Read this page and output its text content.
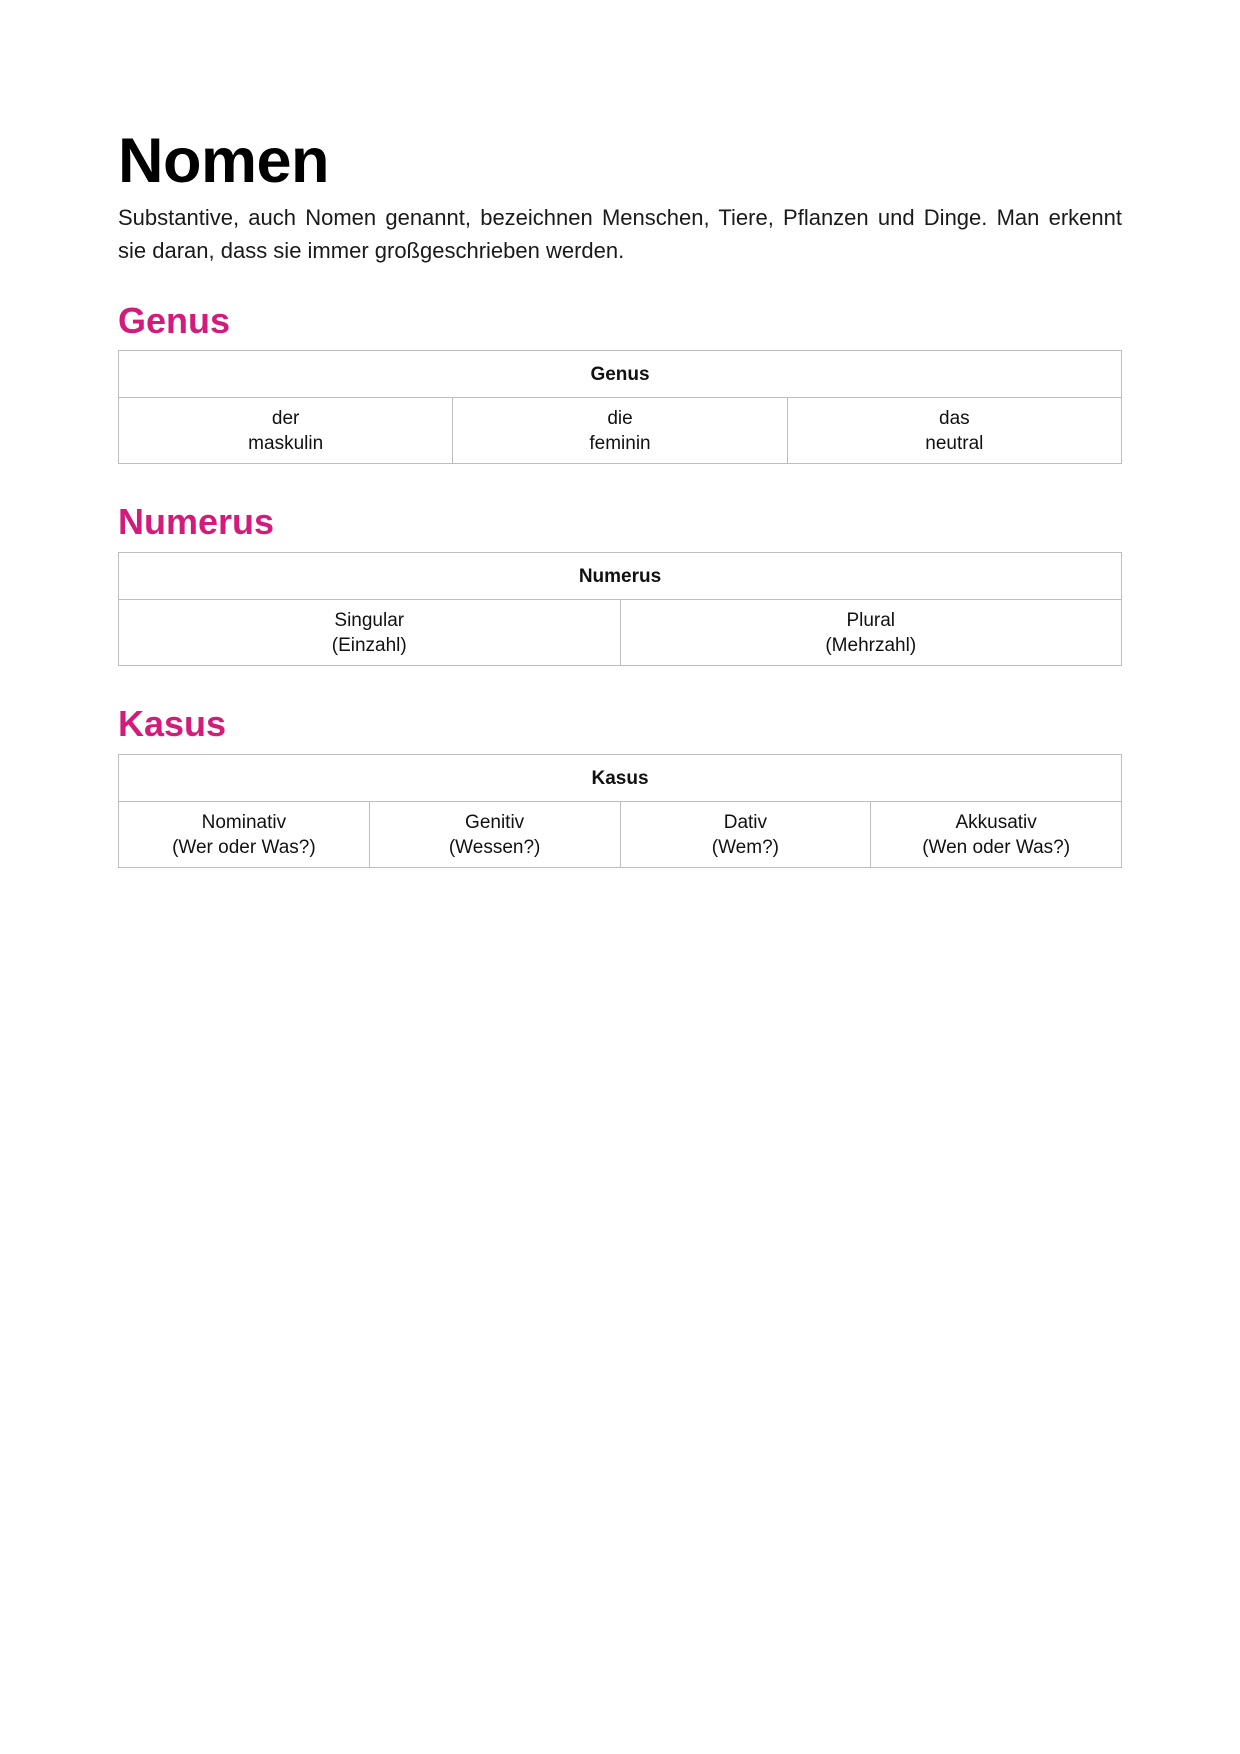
Nomen

Substantive, auch Nomen genannt, bezeichnen Menschen, Tiere, Pflanzen und Dinge. Man erkennt sie daran, dass sie immer großgeschrieben werden.

Genus
Genus

der
maskulin

die
feminin

das
neutral
Numerus
Numerus

Singular
(Einzahl)

Plural
(Mehrzahl)
Kasus
Kasus

Nominativ
(Wer oder Was?)

Genitiv
(Wessen?)

Dativ
(Wem?)

Akkusativ
(Wen oder Was?)
